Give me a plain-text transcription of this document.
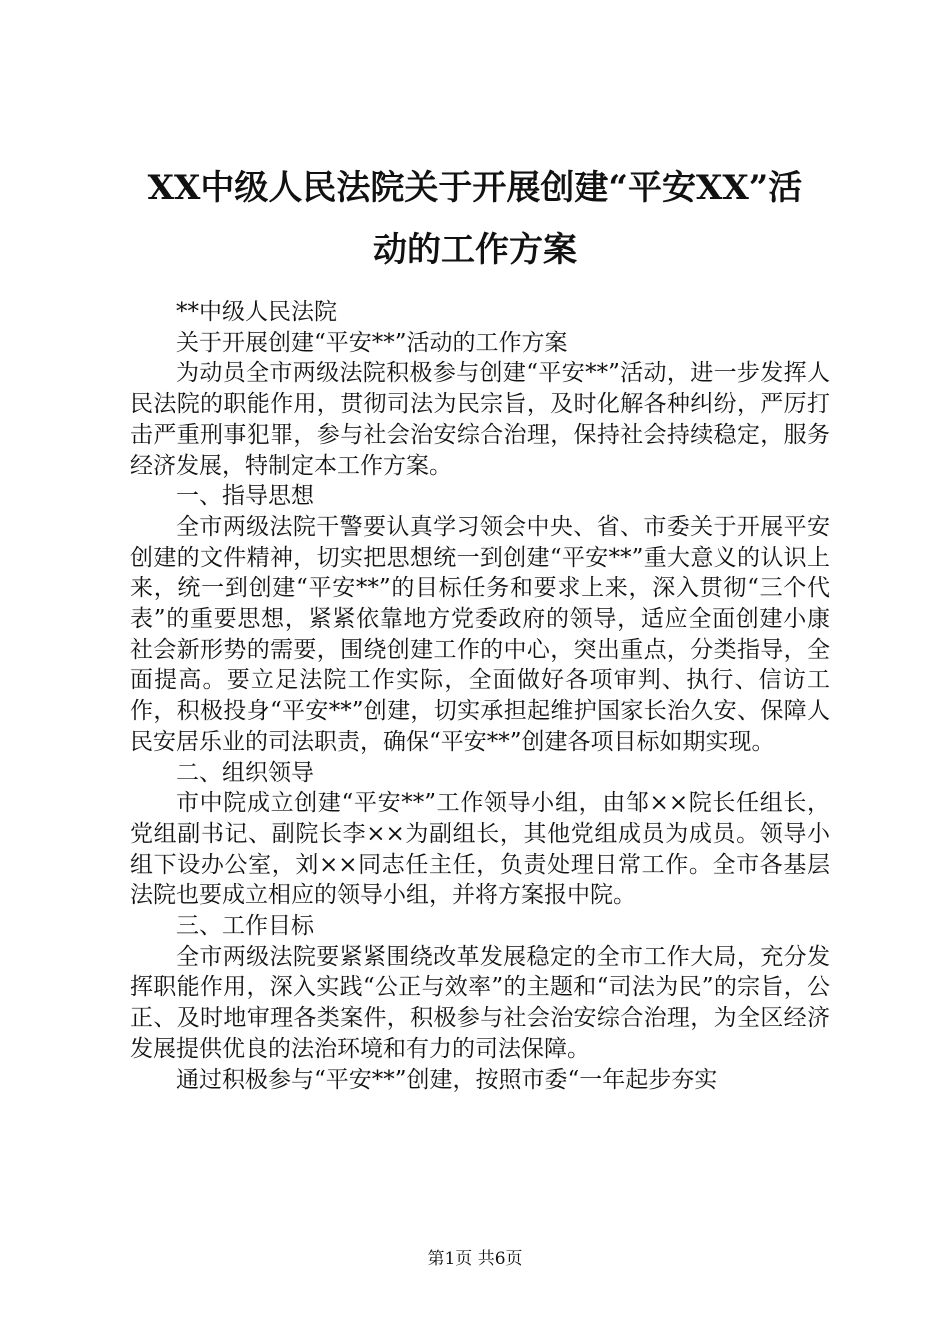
XX中级人民法院关于开展创建“平安XX”活
动的工作方案

**中级人民法院

关于开展创建“平安**”活动的工作方案

为动员全市两级法院积极参与创建“平安**”活动，进一步发挥人民法院的职能作用，贯彻司法为民宗旨，及时化解各种纠纷，严厉打击严重刑事犯罪，参与社会治安综合治理，保持社会持续稳定，服务经济发展，特制定本工作方案。

一、指导思想

全市两级法院干警要认真学习领会中央、省、市委关于开展平安创建的文件精神，切实把思想统一到创建“平安**”重大意义的认识上来，统一到创建“平安**”的目标任务和要求上来，深入贯彻“三个代表”的重要思想，紧紧依靠地方党委政府的领导，适应全面创建小康社会新形势的需要，围绕创建工作的中心，突出重点，分类指导，全面提高。要立足法院工作实际，全面做好各项审判、执行、信访工作，积极投身“平安**”创建，切实承担起维护国家长治久安、保障人民安居乐业的司法职责，确保“平安**”创建各项目标如期实现。

二、组织领导

市中院成立创建“平安**”工作领导小组，由邹××院长任组长，党组副书记、副院长李××为副组长，其他党组成员为成员。领导小组下设办公室，刘××同志任主任，负责处理日常工作。全市各基层法院也要成立相应的领导小组，并将方案报中院。

三、工作目标

全市两级法院要紧紧围绕改革发展稳定的全市工作大局，充分发挥职能作用，深入实践“公正与效率”的主题和“司法为民”的宗旨，公正、及时地审理各类案件，积极参与社会治安综合治理，为全区经济发展提供优良的法治环境和有力的司法保障。

通过积极参与“平安**”创建，按照市委“一年起步夯实

第1页 共6页
